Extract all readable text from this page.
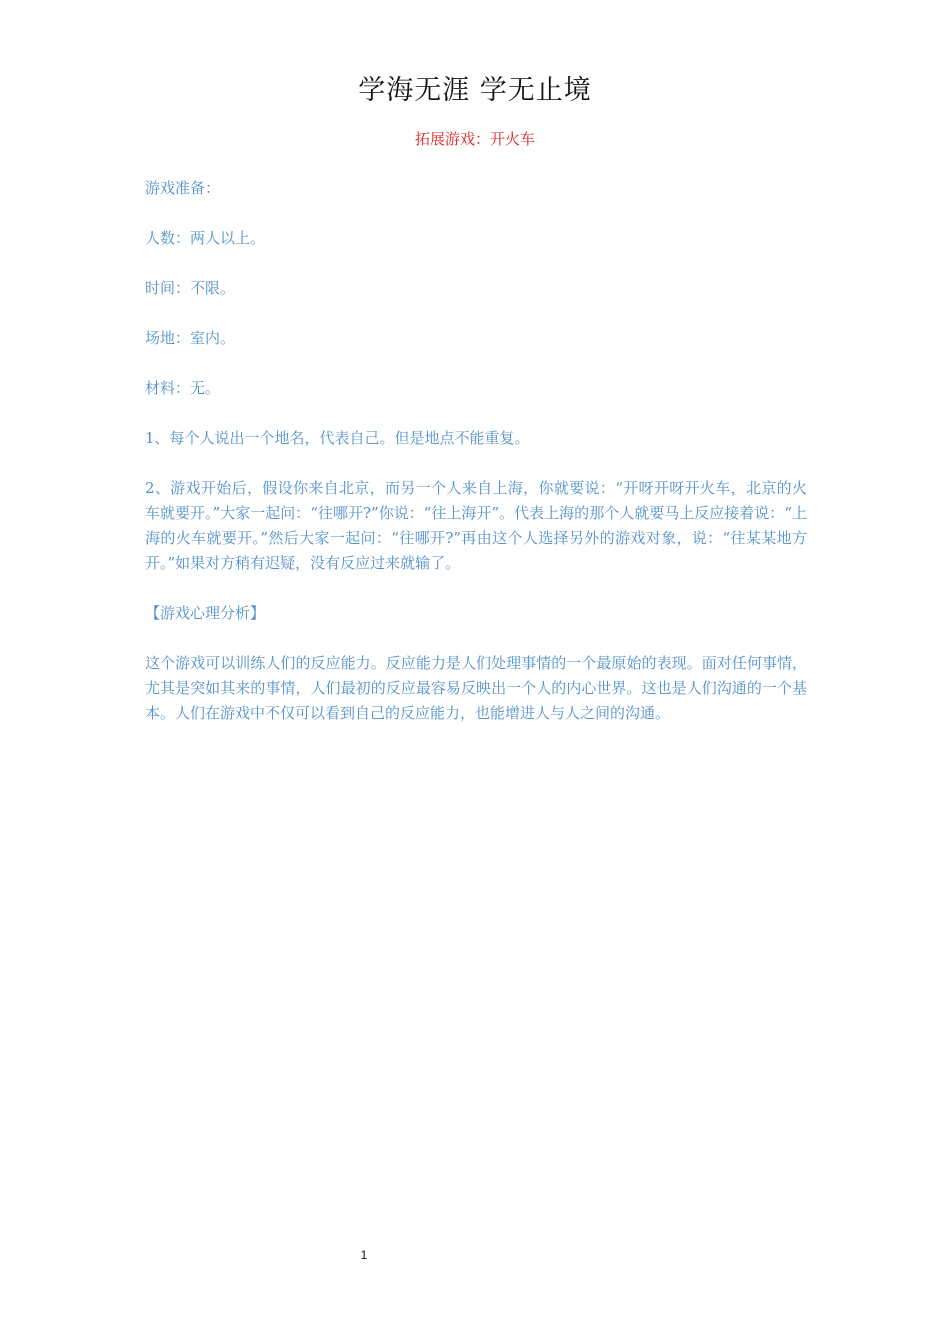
学海无涯 学无止境
拓展游戏：开火车

游戏准备：

人数：两人以上。

时间：不限。

场地：室内。

材料：无。

1、每个人说出一个地名，代表自己。但是地点不能重复。

2、游戏开始后，假设你来自北京，而另一个人来自上海，你就要说：“开呀开呀开火车，北京的火车就要开。”大家一起问：“往哪开?”你说：“往上海开”。代表上海的那个人就要马上反应接着说：“上海的火车就要开。”然后大家一起问：“往哪开?”再由这个人选择另外的游戏对象，说：“往某某地方开。”如果对方稍有迟疑，没有反应过来就输了。

【游戏心理分析】

这个游戏可以训练人们的反应能力。反应能力是人们处理事情的一个最原始的表现。面对任何事情，尤其是突如其来的事情，人们最初的反应最容易反映出一个人的内心世界。这也是人们沟通的一个基本。人们在游戏中不仅可以看到自己的反应能力，也能增进人与人之间的沟通。

1
